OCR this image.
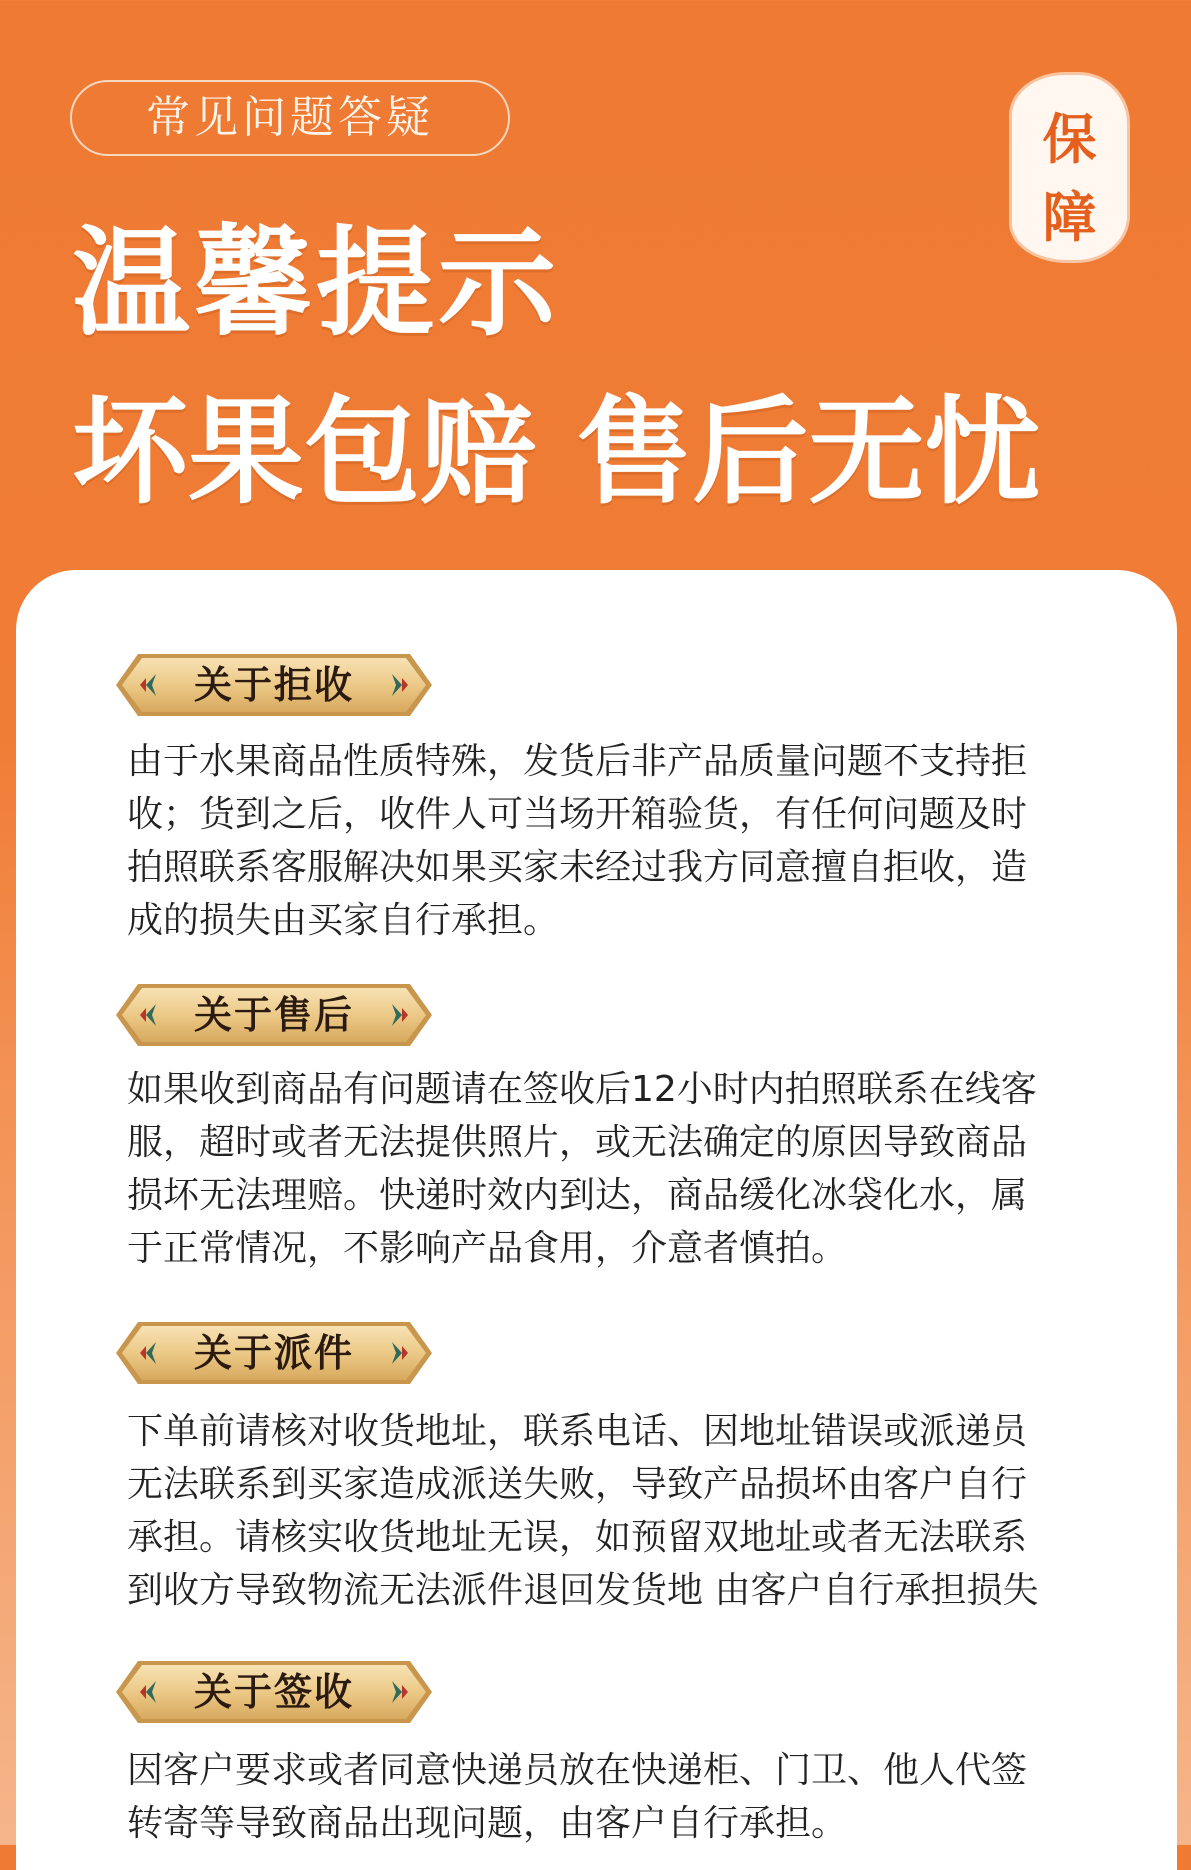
常见问题答疑	保
障
温馨提示
坏果包赔 售后无忧
关于拒收

由于水果商品性质特殊，发货后非产品质量问题不支持拒
收；货到之后，收件人可当场开箱验货，有任何问题及时
拍照联系客服解决如果买家未经过我方同意擅自拒收，造
成的损失由买家自行承担。

关于售后

如果收到商品有问题请在签收后12小时内拍照联系在线客
服，超时或者无法提供照片，或无法确定的原因导致商品
损坏无法理赔。快递时效内到达，商品缓化冰袋化水，属
于正常情况，不影响产品食用，介意者慎拍。

关于派件

下单前请核对收货地址，联系电话、因地址错误或派递员
无法联系到买家造成派送失败，导致产品损坏由客户自行
承担。请核实收货地址无误，如预留双地址或者无法联系
到收方导致物流无法派件退回发货地 由客户自行承担损失

关于签收

因客户要求或者同意快递员放在快递柜、门卫、他人代签
转寄等导致商品出现问题，由客户自行承担。
